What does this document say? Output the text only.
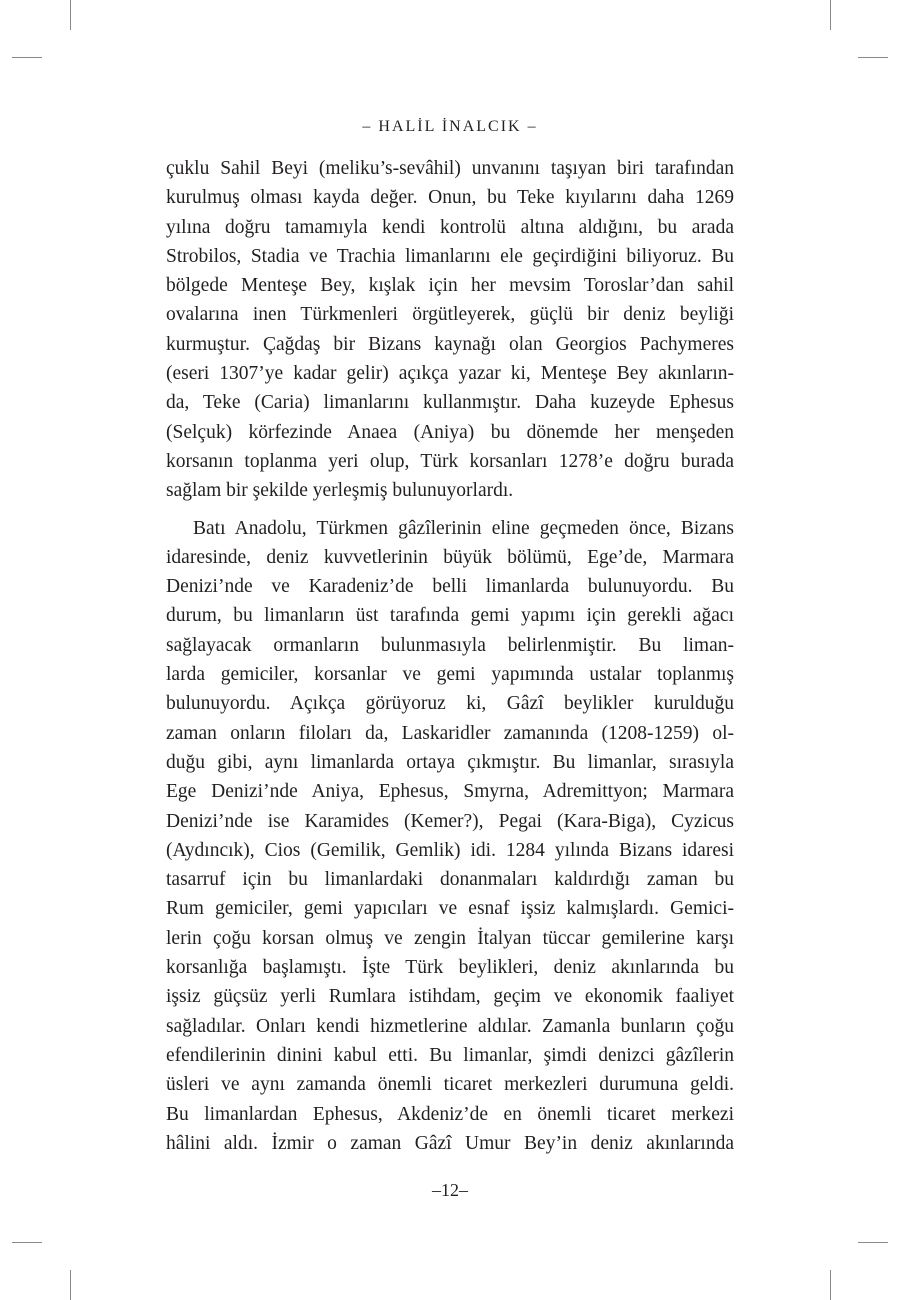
– HALİL İNALCIK –
çuklu Sahil Beyi (meliku’s-sevâhil) unvanını taşıyan biri tarafından
kurulmuş olması kayda değer. Onun, bu Teke kıyılarını daha 1269
yılına doğru tamamıyla kendi kontrolü altına aldığını, bu arada
Strobilos, Stadia ve Trachia limanlarını ele geçirdiğini biliyoruz. Bu
bölgede Menteşe Bey, kışlak için her mevsim Toroslar’dan sahil
ovalarına inen Türkmenleri örgütleyerek, güçlü bir deniz beyliği
kurmuştur. Çağdaş bir Bizans kaynağı olan Georgios Pachymeres
(eseri 1307’ye kadar gelir) açıkça yazar ki, Menteşe Bey akınların-
da, Teke (Caria) limanlarını kullanmıştır. Daha kuzeyde Ephesus
(Selçuk) körfezinde Anaea (Aniya) bu dönemde her menşeden
korsanın toplanma yeri olup, Türk korsanları 1278’e doğru burada
sağlam bir şekilde yerleşmiş bulunuyorlardı.
Batı Anadolu, Türkmen gâzîlerinin eline geçmeden önce, Bizans
idaresinde, deniz kuvvetlerinin büyük bölümü, Ege’de, Marmara
Denizi’nde ve Karadeniz’de belli limanlarda bulunuyordu. Bu
durum, bu limanların üst tarafında gemi yapımı için gerekli ağacı
sağlayacak ormanların bulunmasıyla belirlenmiştir. Bu liman-
larda gemiciler, korsanlar ve gemi yapımında ustalar toplanmış
bulunuyordu. Açıkça görüyoruz ki, Gâzî beylikler kurulduğu
zaman onların filoları da, Laskaridler zamanında (1208-1259) ol-
duğu gibi, aynı limanlarda ortaya çıkmıştır. Bu limanlar, sırasıyla
Ege Denizi’nde Aniya, Ephesus, Smyrna, Adremittyon; Marmara
Denizi’nde ise Karamides (Kemer?), Pegai (Kara-Biga), Cyzicus
(Aydıncık), Cios (Gemilik, Gemlik) idi. 1284 yılında Bizans idaresi
tasarruf için bu limanlardaki donanmaları kaldırdığı zaman bu
Rum gemiciler, gemi yapıcıları ve esnaf işsiz kalmışlardı. Gemici-
lerin çoğu korsan olmuş ve zengin İtalyan tüccar gemilerine karşı
korsanlığa başlamıştı. İşte Türk beylikleri, deniz akınlarında bu
işsiz güçsüz yerli Rumlara istihdam, geçim ve ekonomik faaliyet
sağladılar. Onları kendi hizmetlerine aldılar. Zamanla bunların çoğu
efendilerinin dinini kabul etti. Bu limanlar, şimdi denizci gâzîlerin
üsleri ve aynı zamanda önemli ticaret merkezleri durumuna geldi.
Bu limanlardan Ephesus, Akdeniz’de en önemli ticaret merkezi
hâlini aldı. İzmir o zaman Gâzî Umur Bey’in deniz akınlarında
–12–
